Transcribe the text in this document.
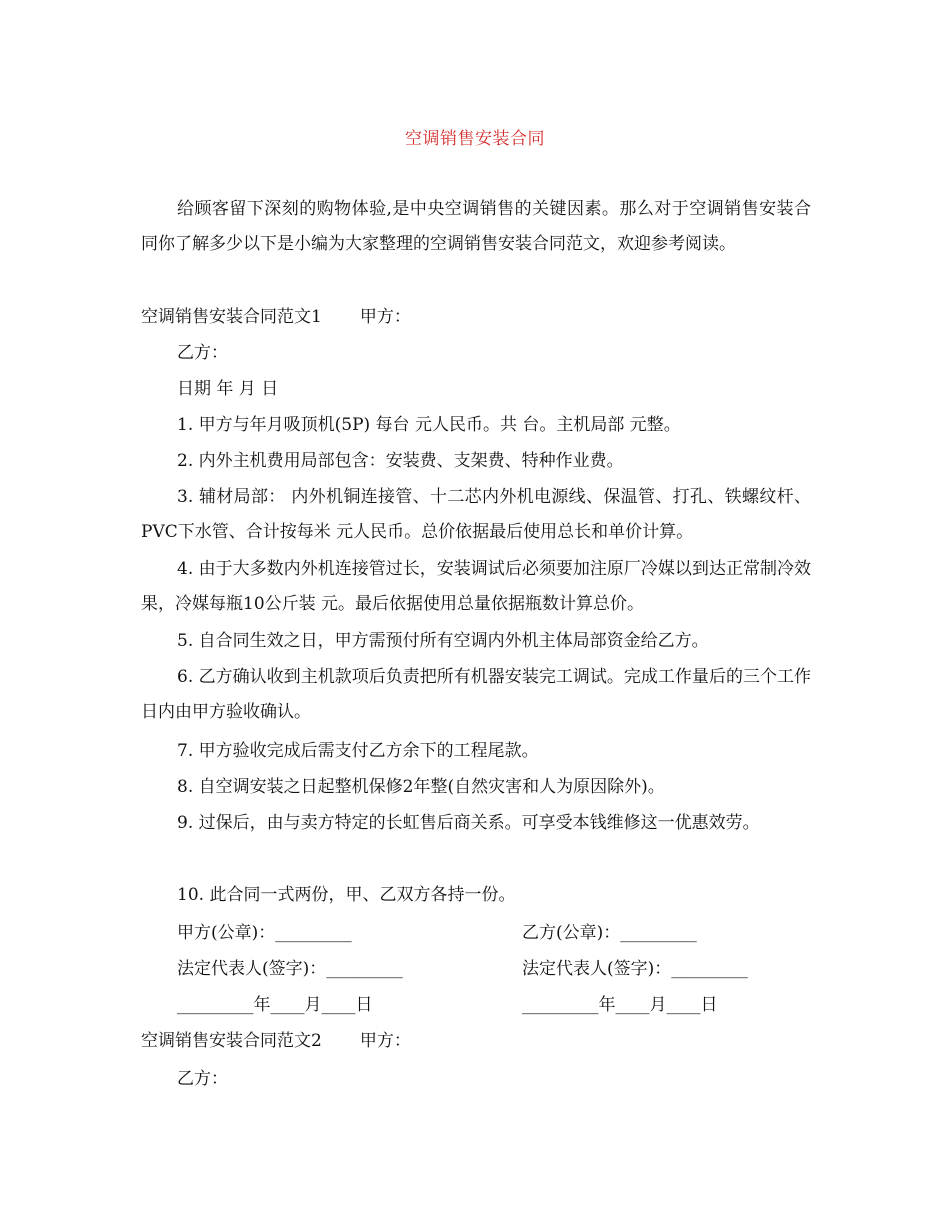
空调销售安装合同

给顾客留下深刻的购物体验,是中央空调销售的关键因素。那么对于空调销售安装合同你了解多少以下是小编为大家整理的空调销售安装合同范文，欢迎参考阅读。

空调销售安装合同范文1 甲方：
乙方：
日期 年 月 日

1. 甲方与年月吸顶机(5P) 每台 元人民币。共 台。主机局部 元整。

2. 内外主机费用局部包含：安装费、支架费、特种作业费。

3. 辅材局部： 内外机铜连接管、十二芯内外机电源线、保温管、打孔、铁螺纹杆、PVC下水管、合计按每米 元人民币。总价依据最后使用总长和单价计算。

4. 由于大多数内外机连接管过长，安装调试后必须要加注原厂冷媒以到达正常制冷效果，冷媒每瓶10公斤装 元。最后依据使用总量依据瓶数计算总价。

5. 自合同生效之日，甲方需预付所有空调内外机主体局部资金给乙方。

6. 乙方确认收到主机款项后负责把所有机器安装完工调试。完成工作量后的三个工作日内由甲方验收确认。

7. 甲方验收完成后需支付乙方余下的工程尾款。

8. 自空调安装之日起整机保修2年整(自然灾害和人为原因除外)。

9. 过保后，由与卖方特定的长虹售后商关系。可享受本钱维修这一优惠效劳。

10. 此合同一式两份，甲、乙双方各持一份。

甲方(公章)：_________	乙方(公章)：_________
法定代表人(签字)：_________	法定代表人(签字)：_________
_________年____月____日	_________年____月____日
空调销售安装合同范文2 甲方：
乙方：
